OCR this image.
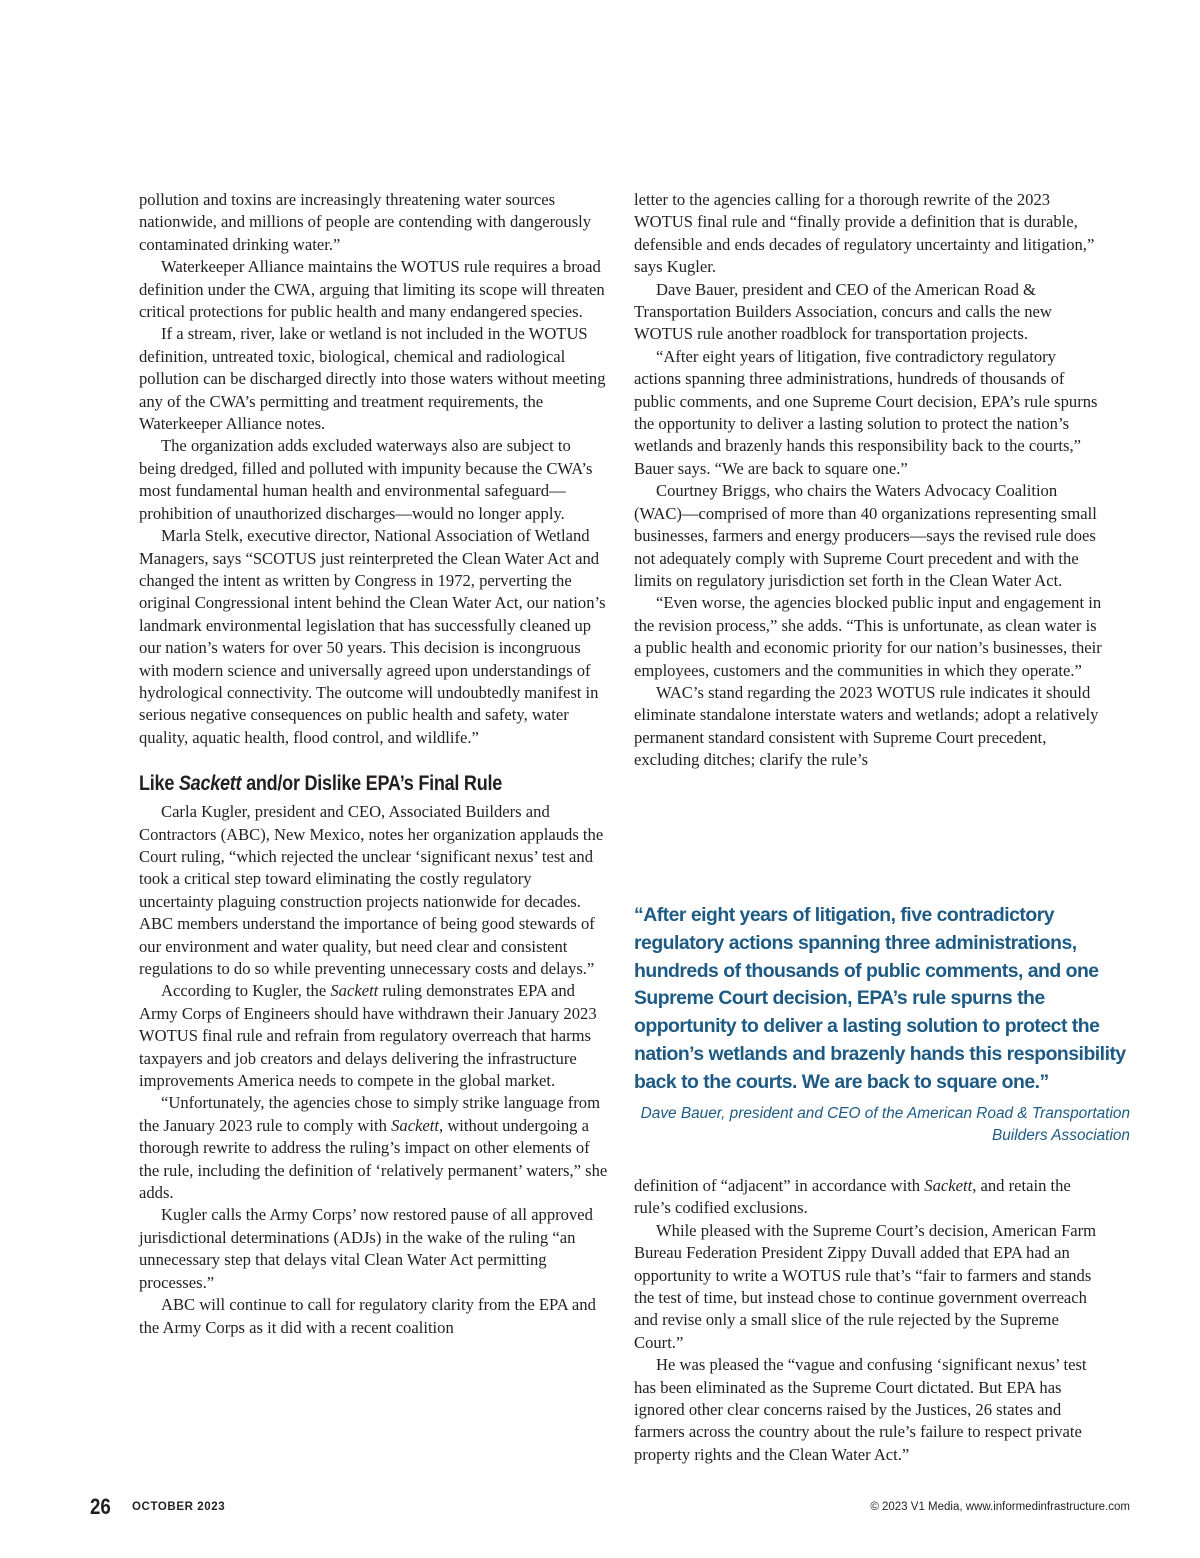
pollution and toxins are increasingly threatening water sources nationwide, and millions of people are contending with dangerously contaminated drinking water.”

Waterkeeper Alliance maintains the WOTUS rule requires a broad definition under the CWA, arguing that limiting its scope will threaten critical protections for public health and many endangered species.

If a stream, river, lake or wetland is not included in the WOTUS definition, untreated toxic, biological, chemical and radiological pollution can be discharged directly into those waters without meeting any of the CWA’s permitting and treatment requirements, the Waterkeeper Alliance notes.

The organization adds excluded waterways also are subject to being dredged, filled and polluted with impunity because the CWA’s most fundamental human health and environmental safeguard— prohibition of unauthorized discharges—would no longer apply.

Marla Stelk, executive director, National Association of Wetland Managers, says “SCOTUS just reinterpreted the Clean Water Act and changed the intent as written by Congress in 1972, perverting the original Congressional intent behind the Clean Water Act, our nation’s landmark environmental legislation that has successfully cleaned up our nation’s waters for over 50 years. This decision is incongruous with modern science and universally agreed upon understandings of hydrological connectivity. The outcome will undoubtedly manifest in serious negative consequences on public health and safety, water quality, aquatic health, flood control, and wildlife.”

Like Sackett and/or Dislike EPA’s Final Rule

Carla Kugler, president and CEO, Associated Builders and Contractors (ABC), New Mexico, notes her organization applauds the Court ruling, “which rejected the unclear ‘significant nexus’ test and took a critical step toward eliminating the costly regulatory uncertainty plaguing construction projects nationwide for decades. ABC members understand the importance of being good stewards of our environment and water quality, but need clear and consistent regulations to do so while preventing unnecessary costs and delays.”

According to Kugler, the Sackett ruling demonstrates EPA and Army Corps of Engineers should have withdrawn their January 2023 WOTUS final rule and refrain from regulatory overreach that harms taxpayers and job creators and delays delivering the infrastructure improvements America needs to compete in the global market.

“Unfortunately, the agencies chose to simply strike language from the January 2023 rule to comply with Sackett, without undergoing a thorough rewrite to address the ruling’s impact on other elements of the rule, including the definition of ‘relatively permanent’ waters,” she adds.

Kugler calls the Army Corps’ now restored pause of all approved jurisdictional determinations (ADJs) in the wake of the ruling “an unnecessary step that delays vital Clean Water Act permitting processes.”

ABC will continue to call for regulatory clarity from the EPA and the Army Corps as it did with a recent coalition

letter to the agencies calling for a thorough rewrite of the 2023 WOTUS final rule and “finally provide a definition that is durable, defensible and ends decades of regulatory uncertainty and litigation,” says Kugler.

Dave Bauer, president and CEO of the American Road & Transportation Builders Association, concurs and calls the new WOTUS rule another roadblock for transportation projects.

“After eight years of litigation, five contradictory regulatory actions spanning three administrations, hundreds of thousands of public comments, and one Supreme Court decision, EPA’s rule spurns the opportunity to deliver a lasting solution to protect the nation’s wetlands and brazenly hands this responsibility back to the courts,” Bauer says. “We are back to square one.”

Courtney Briggs, who chairs the Waters Advocacy Coalition (WAC)—comprised of more than 40 organizations representing small businesses, farmers and energy producers—says the revised rule does not adequately comply with Supreme Court precedent and with the limits on regulatory jurisdiction set forth in the Clean Water Act.

“Even worse, the agencies blocked public input and engagement in the revision process,” she adds. “This is unfortunate, as clean water is a public health and economic priority for our nation’s businesses, their employees, customers and the communities in which they operate.”

WAC’s stand regarding the 2023 WOTUS rule indicates it should eliminate standalone interstate waters and wetlands; adopt a relatively permanent standard consistent with Supreme Court precedent, excluding ditches; clarify the rule’s

“After eight years of litigation, five contradictory regulatory actions spanning three administrations, hundreds of thousands of public comments, and one Supreme Court decision, EPA’s rule spurns the opportunity to deliver a lasting solution to protect the nation’s wetlands and brazenly hands this responsibility back to the courts. We are back to square one.”
Dave Bauer, president and CEO of the American Road & Transportation Builders Association

definition of “adjacent” in accordance with Sackett, and retain the rule’s codified exclusions.

While pleased with the Supreme Court’s decision, American Farm Bureau Federation President Zippy Duvall added that EPA had an opportunity to write a WOTUS rule that’s “fair to farmers and stands the test of time, but instead chose to continue government overreach and revise only a small slice of the rule rejected by the Supreme Court.”

He was pleased the “vague and confusing ‘significant nexus’ test has been eliminated as the Supreme Court dictated. But EPA has ignored other clear concerns raised by the Justices, 26 states and farmers across the country about the rule’s failure to respect private property rights and the Clean Water Act.”

26 OCTOBER 2023	© 2023 V1 Media, www.informedinfrastructure.com
